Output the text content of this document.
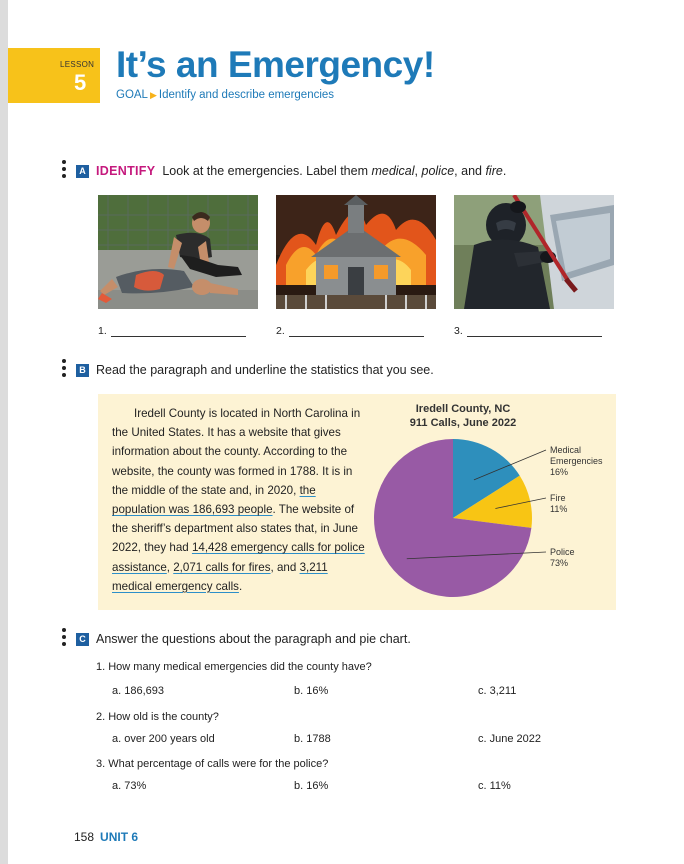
LESSON
5 It’s an Emergency!
GOAL ▶ Identify and describe emergencies
A IDENTIFY Look at the emergencies. Label them medical, police, and fire.
1.	2.	3.
B Read the paragraph and underline the statistics that you see.

Iredell County is located in North Carolina in the United States. It has a website that gives information about the county. According to the website, the county was formed in 1788. It is in the middle of the state and, in 2020, the population was 186,693 people. The website of the sheriff’s department also states that, in June 2022, they had 14,428 emergency calls for police assistance, 2,071 calls for fires, and 3,211 medical emergency calls.

Iredell County, NC
911 Calls, June 2022
Medical
Emergencies
16%
Fire
11%
Police
73%
C Answer the questions about the paragraph and pie chart.
1. How many medical emergencies did the county have?
a. 186,693	b. 16%	c. 3,211
2. How old is the county?
a. over 200 years old	b. 1788	c. June 2022
3. What percentage of calls were for the police?
a. 73%	b. 16%	c. 11%
158 UNIT 6
